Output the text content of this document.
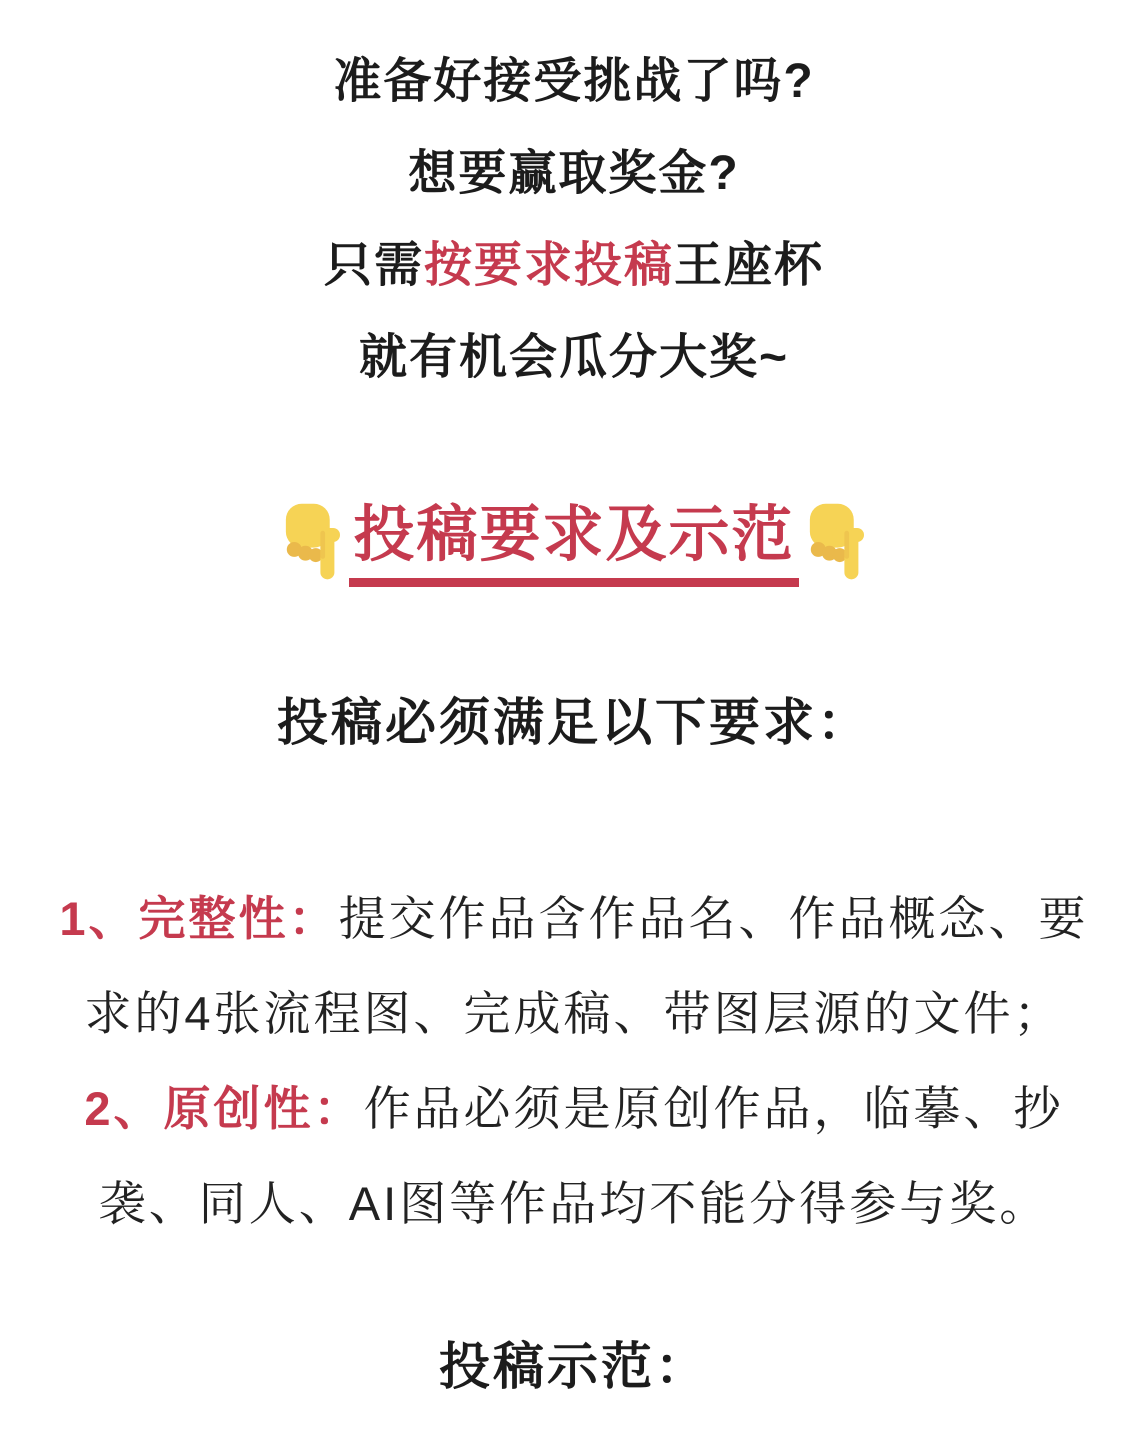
准备好接受挑战了吗?
想要赢取奖金?
只需按要求投稿王座杯
就有机会瓜分大奖~
投稿要求及示范
投稿必须满足以下要求：
1、完整性：提交作品含作品名、作品概念、要
求的4张流程图、完成稿、带图层源的文件；
2、原创性：作品必须是原创作品，临摹、抄
袭、同人、AI图等作品均不能分得参与奖。
投稿示范：
